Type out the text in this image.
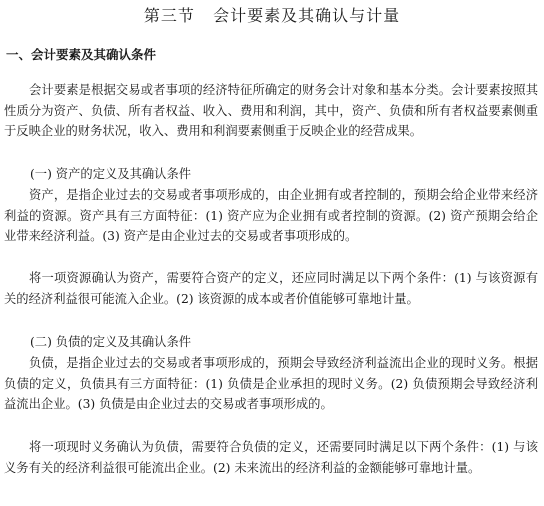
第三节   会计要素及其确认与计量
一、会计要素及其确认条件
会计要素是根据交易或者事项的经济特征所确定的财务会计对象和基本分类。会计要素按照其性质分为资产、负债、所有者权益、收入、费用和利润，其中，资产、负债和所有者权益要素侧重于反映企业的财务状况，收入、费用和利润要素侧重于反映企业的经营成果。
(一) 资产的定义及其确认条件
资产，是指企业过去的交易或者事项形成的，由企业拥有或者控制的，预期会给企业带来经济利益的资源。资产具有三方面特征：(1) 资产应为企业拥有或者控制的资源。(2) 资产预期会给企业带来经济利益。(3) 资产是由企业过去的交易或者事项形成的。
将一项资源确认为资产，需要符合资产的定义，还应同时满足以下两个条件：(1) 与该资源有关的经济利益很可能流入企业。(2) 该资源的成本或者价值能够可靠地计量。
(二) 负债的定义及其确认条件
负债，是指企业过去的交易或者事项形成的，预期会导致经济利益流出企业的现时义务。根据负债的定义，负债具有三方面特征：(1) 负债是企业承担的现时义务。(2) 负债预期会导致经济利益流出企业。(3) 负债是由企业过去的交易或者事项形成的。
将一项现时义务确认为负债，需要符合负债的定义，还需要同时满足以下两个条件：(1) 与该义务有关的经济利益很可能流出企业。(2) 未来流出的经济利益的金额能够可靠地计量。
